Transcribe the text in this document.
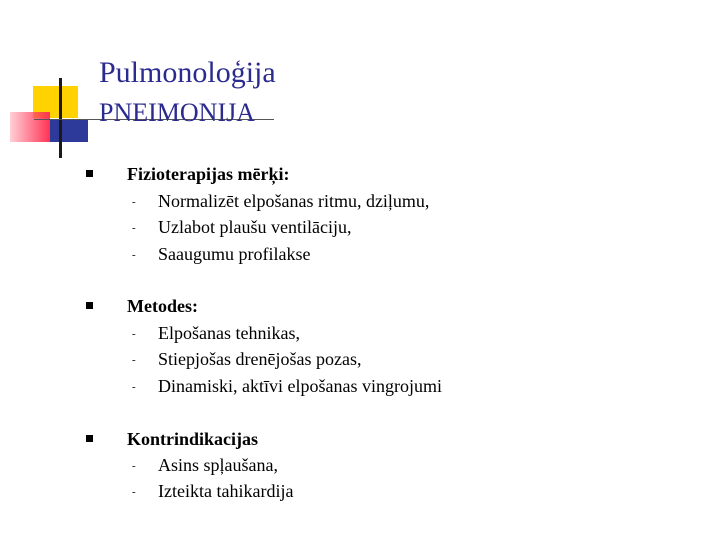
Pulmonoloģija
PNEIMONIJA
Fizioterapijas mērķi:
- Normalizēt elpošanas ritmu, dziļumu,
- Uzlabot plaušu ventilāciju,
- Saaugumu profilakse
Metodes:
- Elpošanas tehnikas,
- Stiepjošas drenējošas pozas,
- Dinamiski, aktīvi elpošanas vingrojumi
Kontrindikacijas
- Asins spļaušana,
- Izteikta tahikardija
